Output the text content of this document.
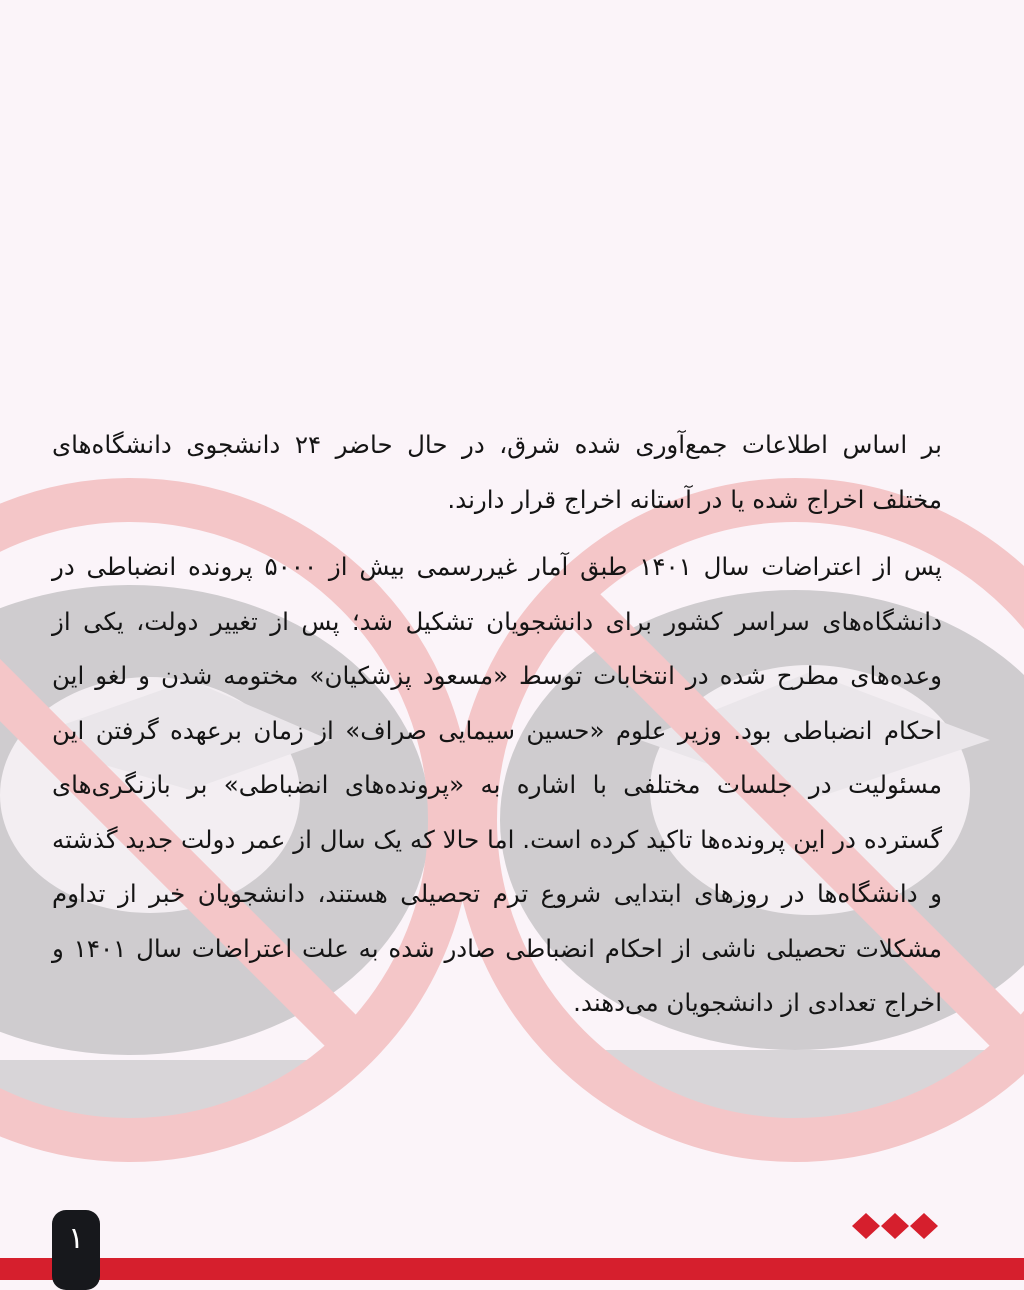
بر اساس اطلاعات جمع‌آوری شده شرق، در حال حاضر ۲۴ دانشجوی دانشگاه‌های مختلف اخراج شده یا در آستانه اخراج قرار دارند.

پس از اعتراضات سال ۱۴۰۱ طبق آمار غیررسمی بیش از ۵۰۰۰ پرونده انضباطی در دانشگاه‌های سراسر کشور برای دانشجویان تشکیل شد؛ پس از تغییر دولت، یکی از وعده‌های مطرح شده در انتخابات توسط «مسعود پزشکیان» مختومه شدن و لغو این احکام انضباطی بود. وزیر علوم «حسین سیمایی صراف» از زمان برعهده گرفتن این مسئولیت در جلسات مختلفی با اشاره به «پرونده‌های انضباطی» بر بازنگری‌های گسترده در این پرونده‌ها تاکید کرده است. اما حالا که یک سال از عمر دولت جدید گذشته و دانشگاه‌ها در روزهای ابتدایی شروع ترم تحصیلی هستند، دانشجویان خبر از تداوم مشکلات تحصیلی ناشی از احکام انضباطی صادر شده به علت اعتراضات سال ۱۴۰۱ و اخراج تعدادی از دانشجویان می‌دهند.

۱
